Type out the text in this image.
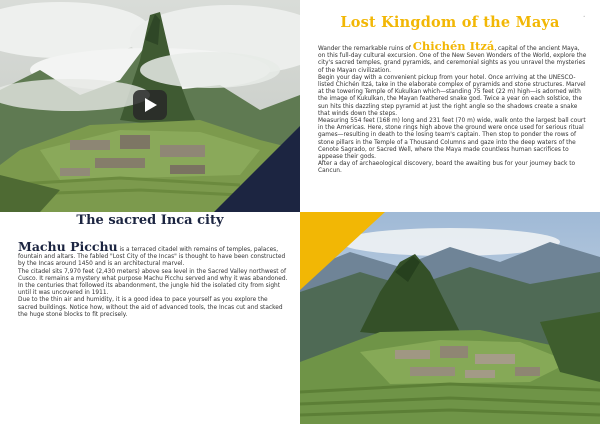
Lost Kingdom of the Maya	•

Wander the remarkable ruins of Chichén Itzá, capital of the ancient Maya, on this full-day cultural excursion. One of the New Seven Wonders of the World, explore the city's sacred temples, grand pyramids, and ceremonial sights as you unravel the mysteries of the Mayan civilization.

Begin your day with a convenient pickup from your hotel. Once arriving at the UNESCO-listed Chichén Itzá, take in the elaborate complex of pyramids and stone structures. Marvel at the towering Temple of Kukulkan which—standing 75 feet (22 m) high—is adorned with the image of Kukulkan, the Mayan feathered snake god. Twice a year on each solstice, the sun hits this dazzling step pyramid at just the right angle so the shadows create a snake that winds down the steps.

Measuring 554 feet (168 m) long and 231 feet (70 m) wide, walk onto the largest ball court in the Americas. Here, stone rings high above the ground were once used for serious ritual games—resulting in death to the losing team's captain. Then stop to ponder the rows of stone pillars in the Temple of a Thousand Columns and gaze into the deep waters of the Cenote Sagrado, or Sacred Well, where the Maya made countless human sacrifices to appease their gods.

After a day of archaeological discovery, board the awaiting bus for your journey back to Cancun.

The sacred Inca city

Machu Picchu is a terraced citadel with remains of temples, palaces, fountain and altars. The fabled "Lost City of the Incas" is thought to have been constructed by the Incas around 1450 and is an architectural marvel.

The citadel sits 7,970 feet (2,430 meters) above sea level in the Sacred Valley northwest of Cusco. It remains a mystery what purpose Machu Picchu served and why it was abandoned. In the centuries that followed its abandonment, the jungle hid the isolated city from sight until it was uncovered in 1911.

Due to the thin air and humidity, it is a good idea to pace yourself as you explore the sacred buildings. Notice how, without the aid of advanced tools, the Incas cut and stacked the huge stone blocks to fit precisely.
